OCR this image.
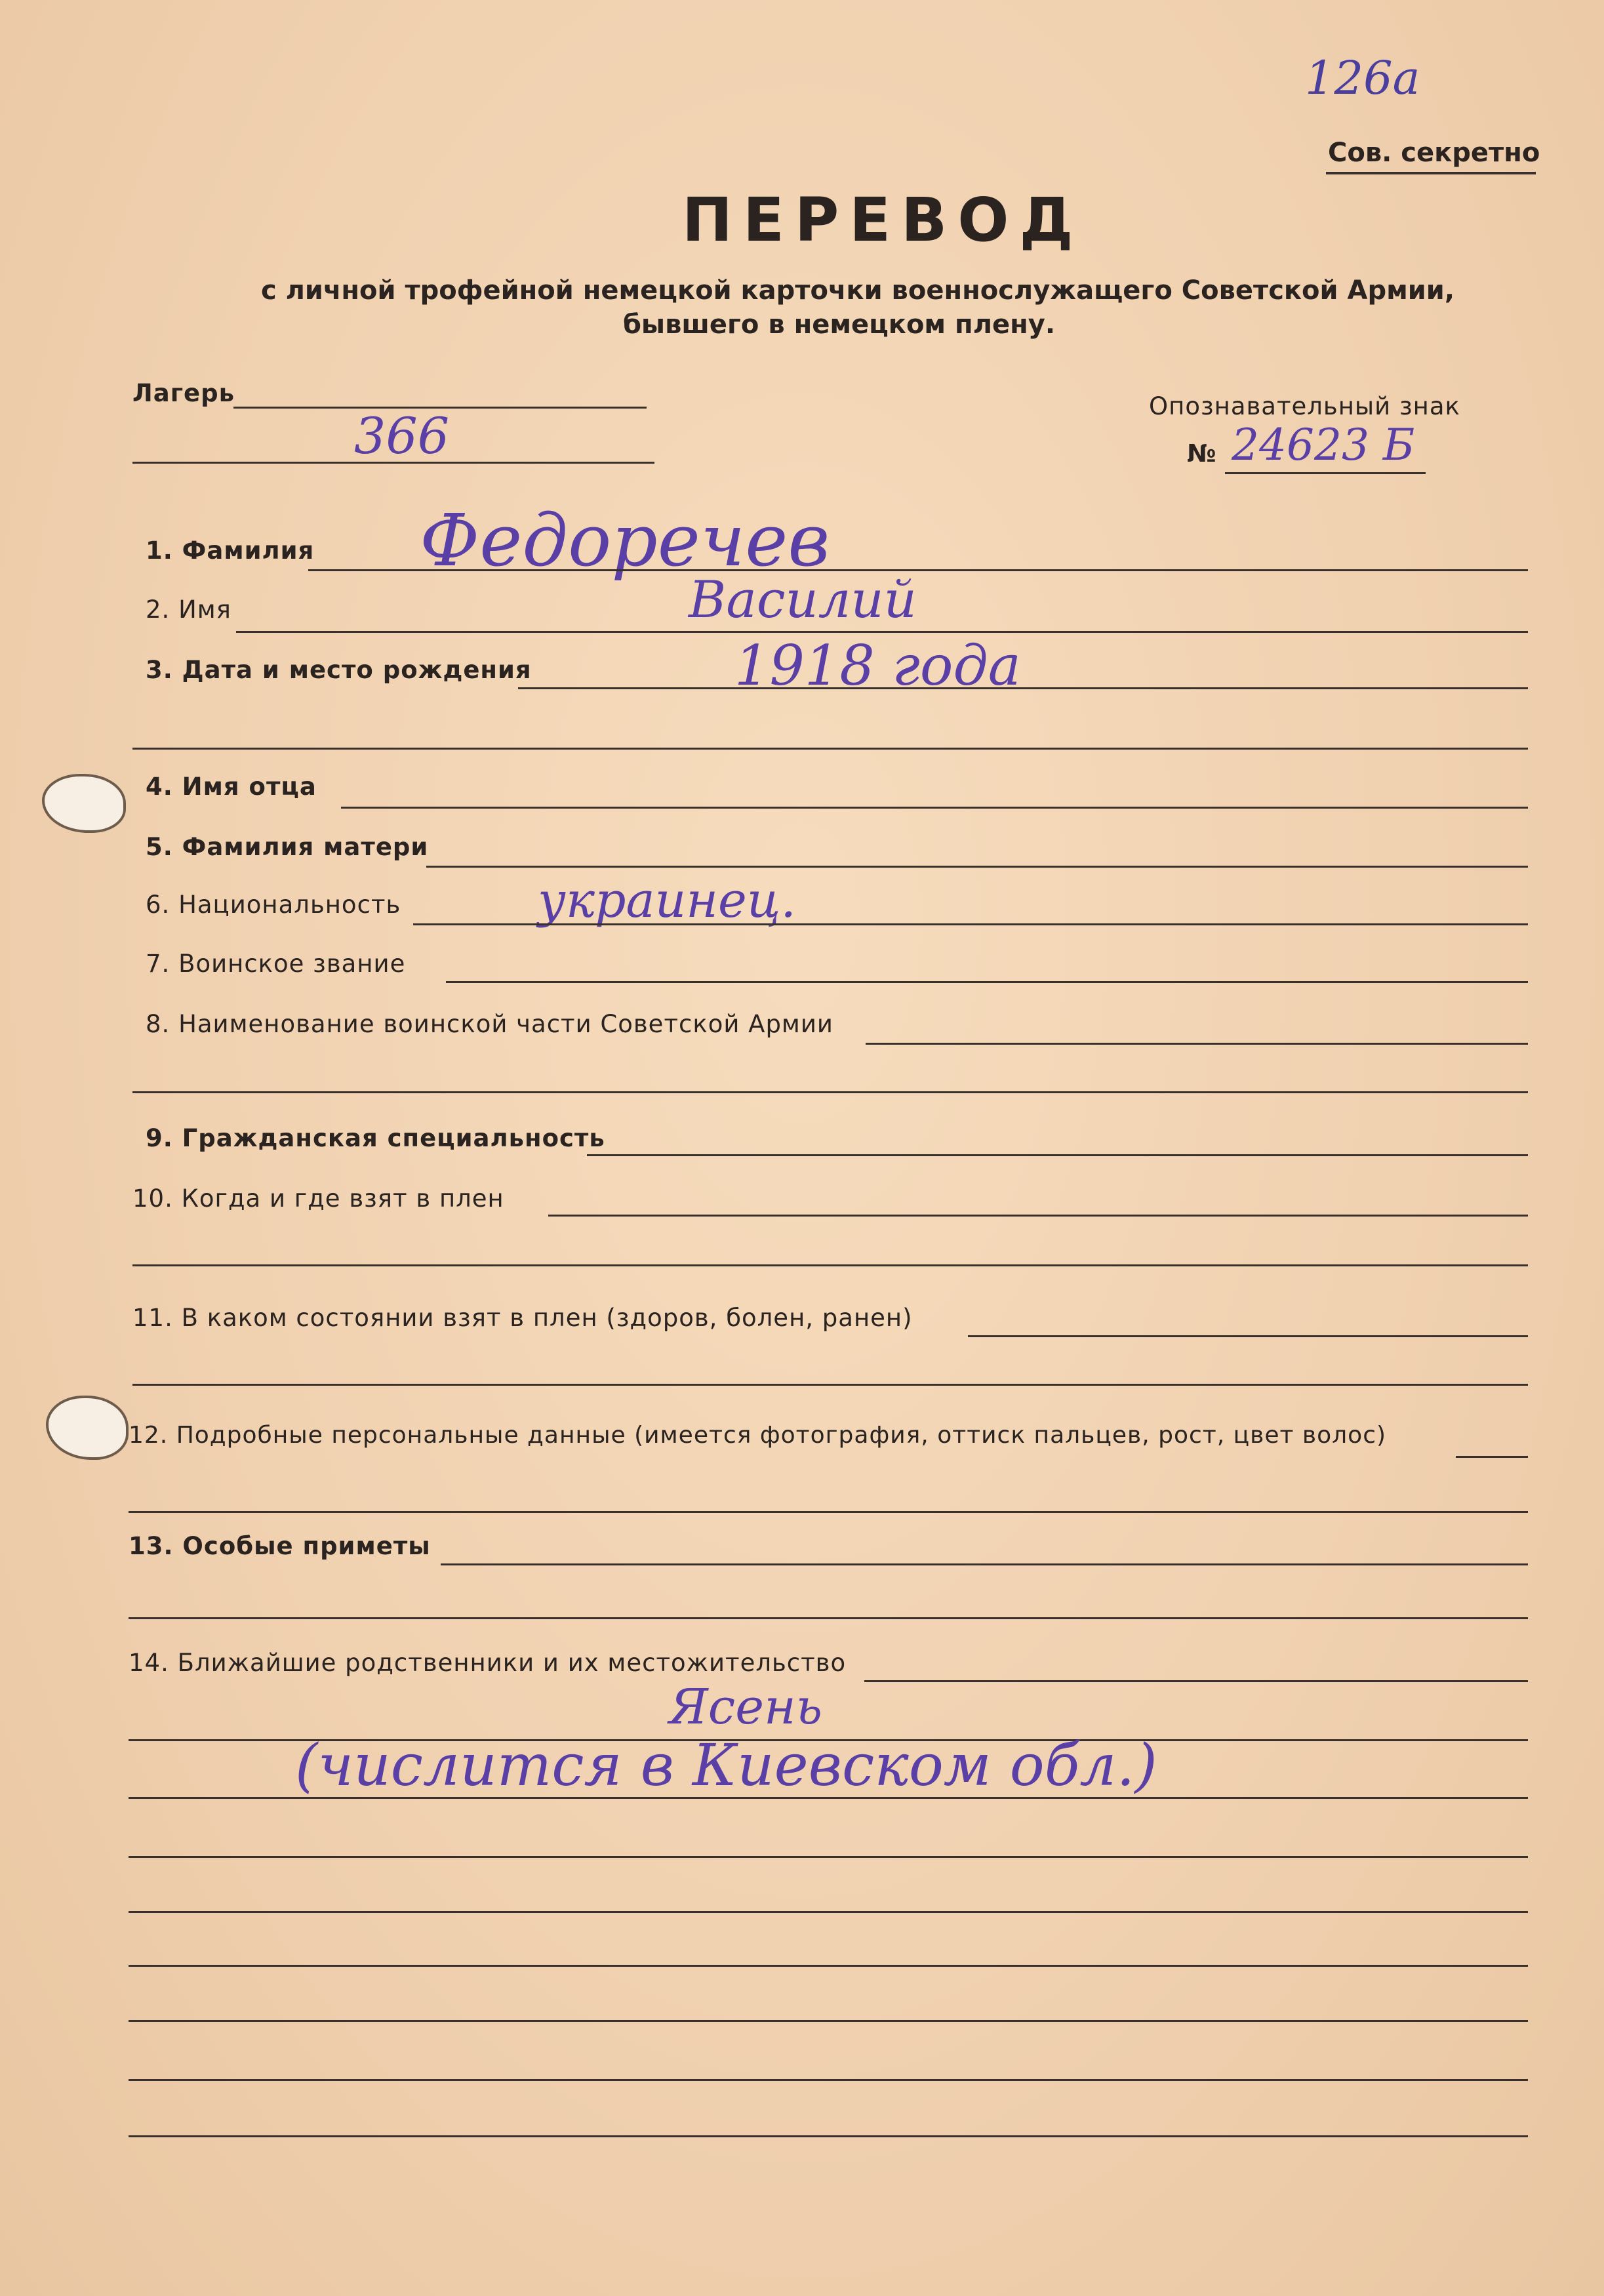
126а
Сов. секретно
ПЕРЕВОД
с личной трофейной немецкой карточки военнослужащего Советской Армии,
бывшего в немецком плену.
Лагерь
366
Опознавательный знак
№ 24623 Б
1. Фамилия Федоречев
2. Имя	Василий
3. Дата и место рождения	1918 года
4. Имя отца
5. Фамилия матери
6. Национальность	украинец.
7. Воинское звание
8. Наименование воинской части Советской Армии
9. Гражданская специальность
10. Когда и где взят в плен
11. В каком состоянии взят в плен (здоров, болен, ранен)
12. Подробные персональные данные (имеется фотография, оттиск пальцев, рост, цвет волос)
13. Особые приметы
14. Ближайшие родственники и их местожительство
Ясень
(числится в Киевском обл.)
